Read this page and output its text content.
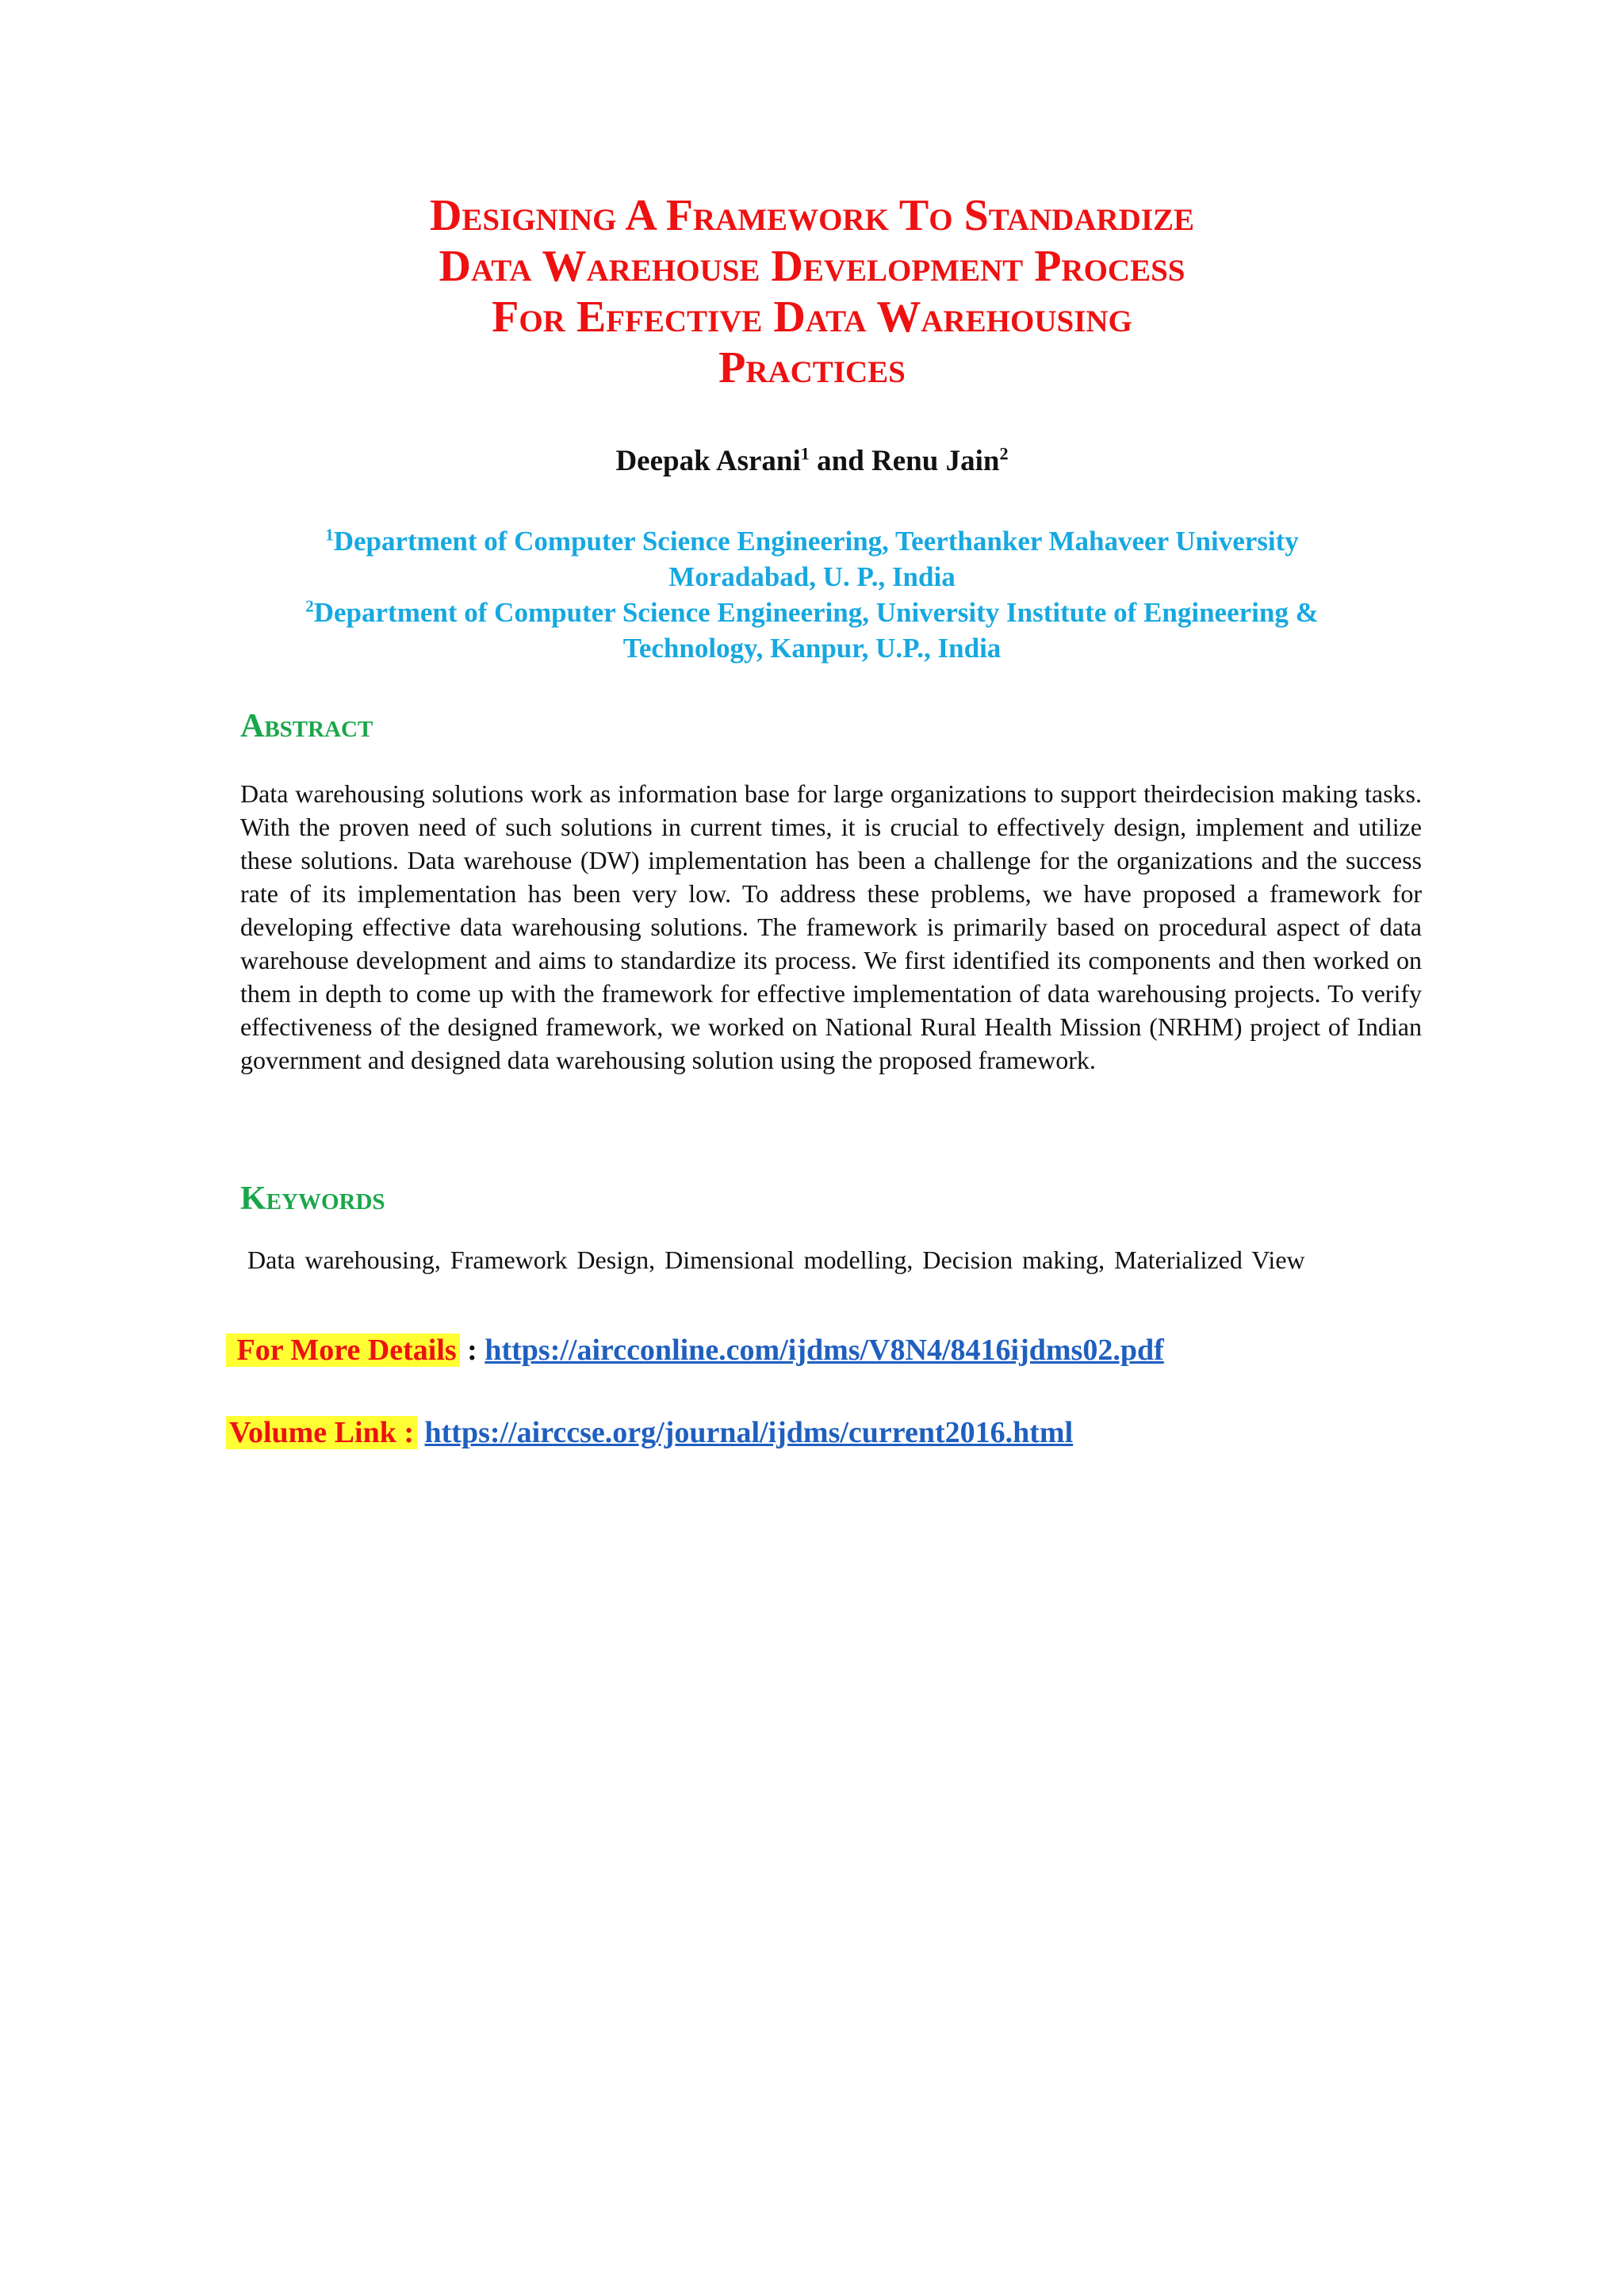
Designing A Framework To Standardize
Data Warehouse Development Process
For Effective Data Warehousing
Practices

Deepak Asrani$^1$ and Renu Jain$^2$

$^1$Department of Computer Science Engineering, Teerthanker Mahaveer University
Moradabad, U. P., India
$^2$Department of Computer Science Engineering, University Institute of Engineering &
Technology, Kanpur, U.P., India
Abstract

Data warehousing solutions work as information base for large organizations to support theirdecision making tasks. With the proven need of such solutions in current times, it is crucial to effectively design, implement and utilize these solutions. Data warehouse (DW) implementation has been a challenge for the organizations and the success rate of its implementation has been very low. To address these problems, we have proposed a framework for developing effective data warehousing solutions. The framework is primarily based on procedural aspect of data warehouse development and aims to standardize its process. We first identified its components and then worked on them in depth to come up with the framework for effective implementation of data warehousing projects. To verify effectiveness of the designed framework, we worked on National Rural Health Mission (NRHM) project of Indian government and designed data warehousing solution using the proposed framework.

Keywords

Data warehousing, Framework Design, Dimensional modelling, Decision making, Materialized View

For More Details : https://aircconline.com/ijdms/V8N4/8416ijdms02.pdf

Volume Link : https://airccse.org/journal/ijdms/current2016.html
